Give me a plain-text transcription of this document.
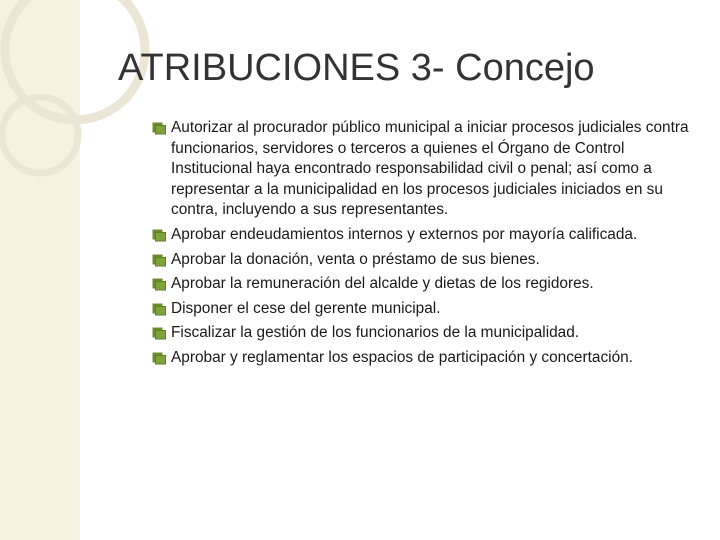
ATRIBUCIONES 3- Concejo
Autorizar al procurador público municipal a iniciar procesos judiciales contra funcionarios, servidores o terceros a quienes el Órgano de Control Institucional haya encontrado responsabilidad civil o penal; así como a representar a la municipalidad en los procesos judiciales iniciados en su contra, incluyendo a sus representantes.
Aprobar endeudamientos internos y externos por mayoría calificada.
Aprobar la donación, venta o préstamo de sus bienes.
Aprobar la remuneración del alcalde y dietas de los regidores.
Disponer el cese del gerente municipal.
Fiscalizar la gestión de los funcionarios de la municipalidad.
Aprobar y reglamentar los espacios de participación y concertación.
